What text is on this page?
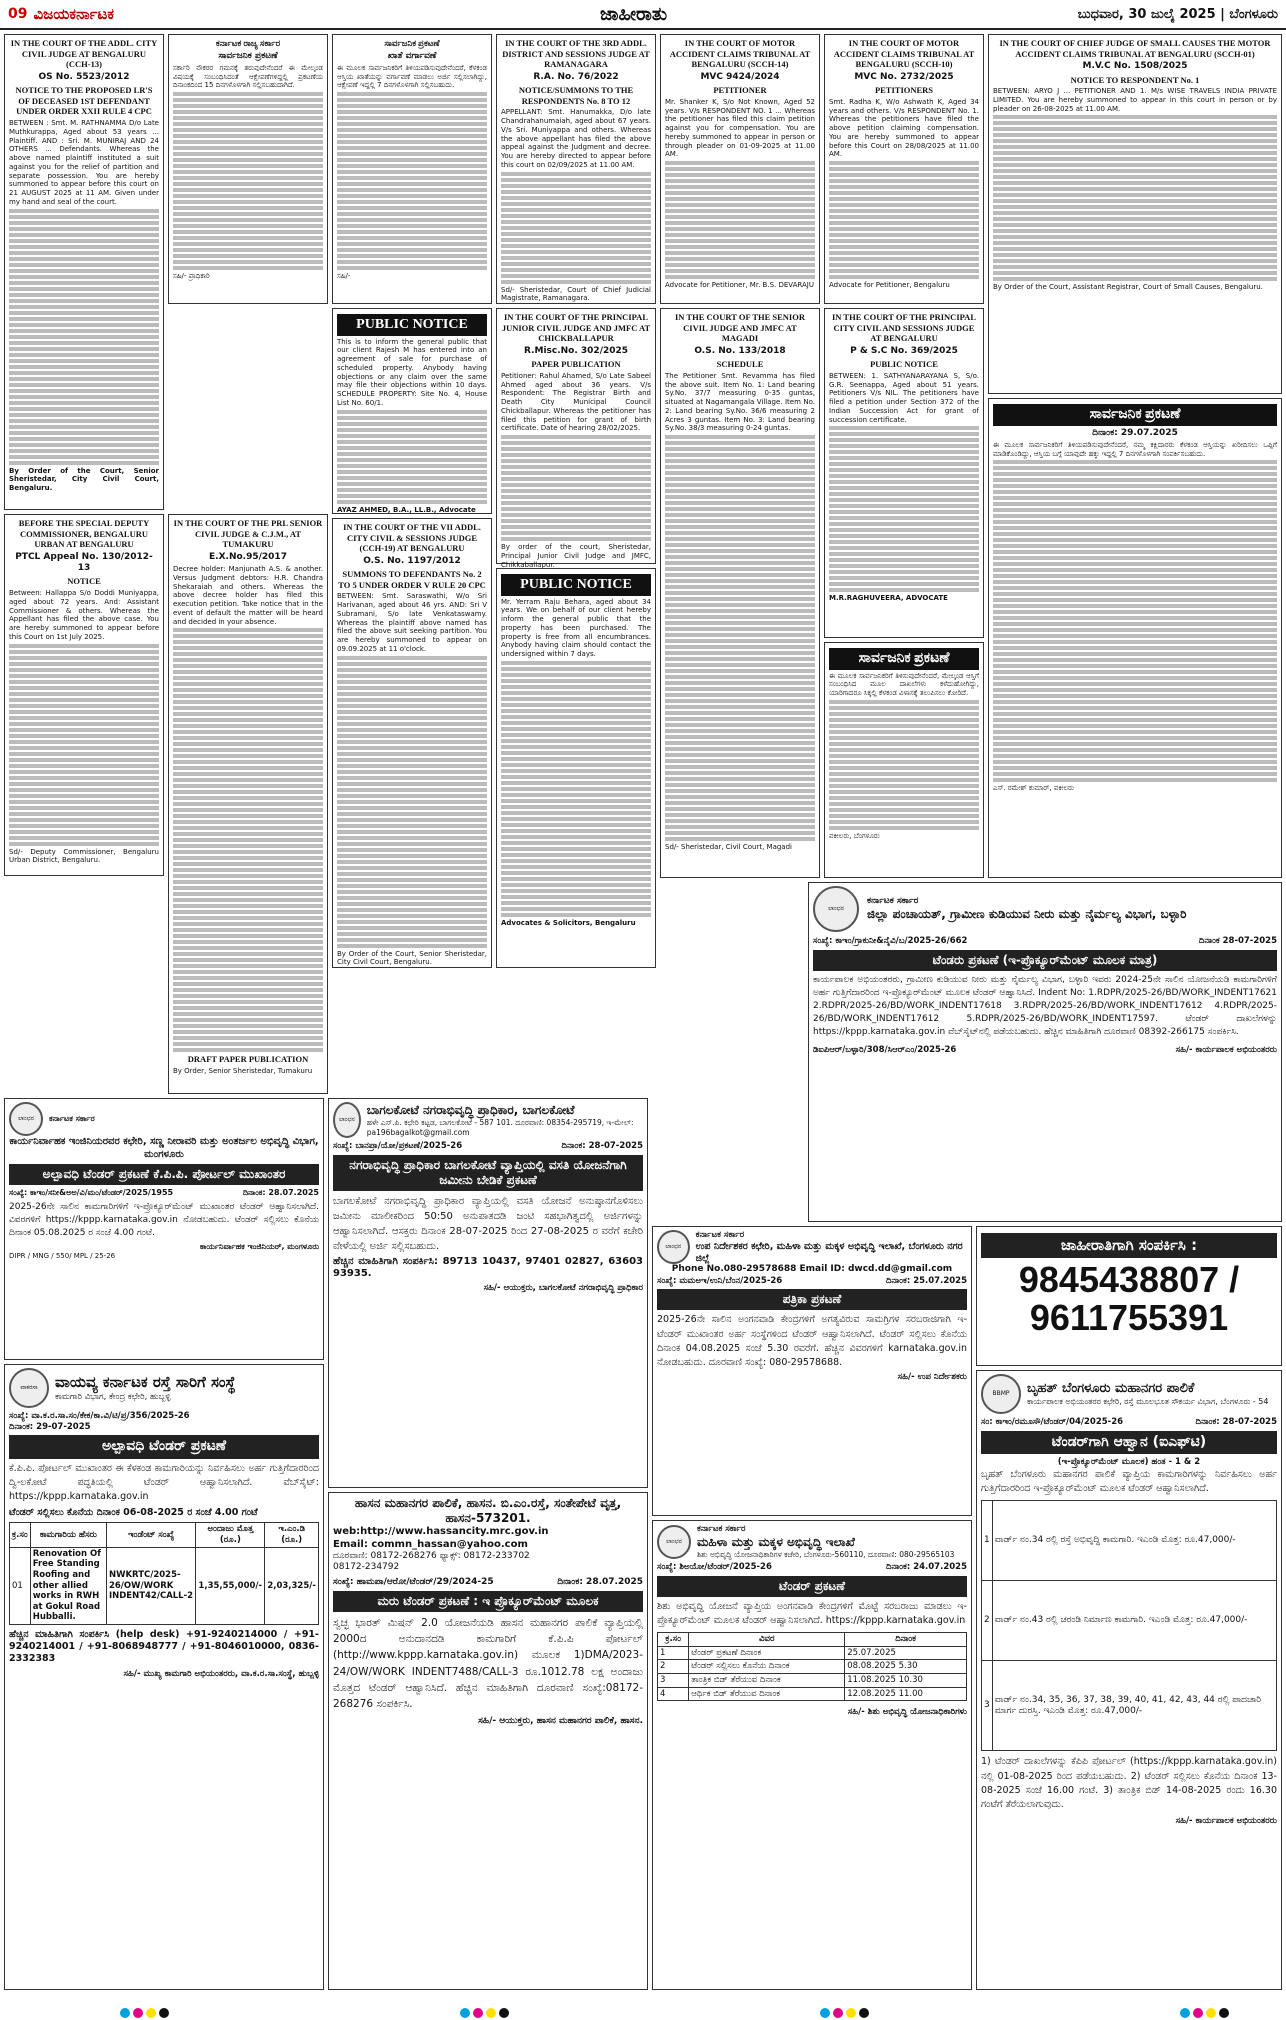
09 ವಿಜಯಕರ್ನಾಟಕ	ಜಾಹೀರಾತು	ಬುಧವಾರ, 30 ಜುಲೈ 2025 | ಬೆಂಗಳೂರು
IN THE COURT OF THE ADDL. CITY CIVIL JUDGE AT BENGALURU (CCH-13)
OS No. 5523/2012
NOTICE TO THE PROPOSED LR'S OF DECEASED 1ST DEFENDANT UNDER ORDER XXII RULE 4 CPC

BETWEEN : Smt. M. RATHNAMMA D/o Late Muthkurappa, Aged about 53 years ... Plaintiff. AND : Sri. M. MUNIRAJ AND 24 OTHERS ... Defendants. Whereas the above named plaintiff instituted a suit against you for the relief of partition and separate possession. You are hereby summoned to appear before this court on 21 AUGUST 2025 at 11 AM. Given under my hand and seal of the court.

By Order of the Court, Senior Sheristedar, City Civil Court, Bengaluru.

ಕರ್ನಾಟಕ ರಾಜ್ಯ ಸರ್ಕಾರ
ಸಾರ್ವಜನಿಕ ಪ್ರಕಟಣೆ

ಸರ್ಕಾರಿ ನೌಕರರ ಗಮನಕ್ಕೆ ತರುವುದೇನೆಂದರೆ ಈ ಮೇಲ್ಕಂಡ ವಿಷಯಕ್ಕೆ ಸಂಬಂಧಿಸಿದಂತೆ ಆಕ್ಷೇಪಣೆಗಳಿದ್ದಲ್ಲಿ ಪ್ರಕಟಣೆಯ ದಿನಾಂಕದಿಂದ 15 ದಿನಗಳೊಳಗಾಗಿ ಸಲ್ಲಿಸಬಹುದಾಗಿದೆ.

ಸಹಿ/- ಪ್ರಾಧಿಕಾರಿ

ಸಾರ್ವಜನಿಕ ಪ್ರಕಟಣೆ
ಖಾತೆ ವರ್ಗಾವಣೆ

ಈ ಮೂಲಕ ಸಾರ್ವಜನಿಕರಿಗೆ ತಿಳಿಯಪಡಿಸುವುದೇನೆಂದರೆ, ಕೆಳಕಂಡ ಆಸ್ತಿಯ ಖಾತೆಯನ್ನು ವರ್ಗಾವಣೆ ಮಾಡಲು ಅರ್ಜಿ ಸಲ್ಲಿಸಲಾಗಿದ್ದು, ಆಕ್ಷೇಪಣೆ ಇದ್ದಲ್ಲಿ 7 ದಿನಗಳೊಳಗಾಗಿ ಸಲ್ಲಿಸಬಹುದು.

ಸಹಿ/-

IN THE COURT OF THE 3RD ADDL. DISTRICT AND SESSIONS JUDGE AT RAMANAGARA
R.A. No. 76/2022
NOTICE/SUMMONS TO THE RESPONDENTS No. 8 TO 12

APPELLANT: Smt. Hanumakka, D/o late Chandrahanumaiah, aged about 67 years. V/s Sri. Muniyappa and others. Whereas the above appellant has filed the above appeal against the Judgment and decree. You are hereby directed to appear before this court on 02/09/2025 at 11.00 AM.

Sd/- Sheristedar, Court of Chief Judicial Magistrate, Ramanagara.

IN THE COURT OF MOTOR ACCIDENT CLAIMS TRIBUNAL AT BENGALURU (SCCH-14)
MVC 9424/2024
PETITIONER

Mr. Shanker K, S/o Not Known, Aged 52 years. V/s RESPONDENT NO. 1 ... Whereas the petitioner has filed this claim petition against you for compensation. You are hereby summoned to appear in person or through pleader on 01-09-2025 at 11.00 AM.

Advocate for Petitioner, Mr. B.S. DEVARAJU

IN THE COURT OF MOTOR ACCIDENT CLAIMS TRIBUNAL AT BENGALURU (SCCH-10)
MVC No. 2732/2025
PETITIONERS

Smt. Radha K, W/o Ashwath K, Aged 34 years and others. V/s RESPONDENT No. 1. Whereas the petitioners have filed the above petition claiming compensation. You are hereby summoned to appear before this Court on 28/08/2025 at 11.00 AM.

Advocate for Petitioner, Bengaluru

IN THE COURT OF CHIEF JUDGE OF SMALL CAUSES THE MOTOR ACCIDENT CLAIMS TRIBUNAL AT BENGALURU (SCCH-01)
M.V.C No. 1508/2025
NOTICE TO RESPONDENT No. 1

BETWEEN: ARYO J ... PETITIONER AND 1. M/s WISE TRAVELS INDIA PRIVATE LIMITED. You are hereby summoned to appear in this court in person or by pleader on 26-08-2025 at 11.00 AM.

By Order of the Court, Assistant Registrar, Court of Small Causes, Bengaluru.

PUBLIC NOTICE

This is to inform the general public that our client Rajesh M has entered into an agreement of sale for purchase of scheduled property. Anybody having objections or any claim over the same may file their objections within 10 days. SCHEDULE PROPERTY: Site No. 4, House List No. 60/1.

AYAZ AHMED, B.A., LL.B., Advocate

IN THE COURT OF THE PRINCIPAL JUNIOR CIVIL JUDGE AND JMFC AT CHICKBALLAPUR
R.Misc.No. 302/2025
PAPER PUBLICATION

Petitioner: Rahul Ahamed, S/o Late Sabeel Ahmed aged about 36 years. V/s Respondent: The Registrar Birth and Death City Municipal Council Chickballapur. Whereas the petitioner has filed this petition for grant of birth certificate. Date of hearing 28/02/2025.

By order of the court, Sheristedar, Principal Junior Civil Judge and JMFC, Chikkaballapur.

IN THE COURT OF THE SENIOR CIVIL JUDGE AND JMFC AT MAGADI
O.S. No. 133/2018
SCHEDULE

The Petitioner Smt. Revamma has filed the above suit. Item No. 1: Land bearing Sy.No. 37/7 measuring 0-35 guntas, situated at Nagamangala Village. Item No. 2: Land bearing Sy.No. 36/6 measuring 2 Acres 3 guntas. Item No. 3: Land bearing Sy.No. 38/3 measuring 0-24 guntas.

Sd/- Sheristedar, Civil Court, Magadi

IN THE COURT OF THE PRINCIPAL CITY CIVIL AND SESSIONS JUDGE AT BENGALURU
P & S.C No. 369/2025
PUBLIC NOTICE

BETWEEN: 1. SATHYANARAYANA S, S/o. G.R. Seenappa, Aged about 51 years. Petitioners V/s NIL. The petitioners have filed a petition under Section 372 of the Indian Succession Act for grant of succession certificate.

M.R.RAGHUVEERA, ADVOCATE

ಸಾರ್ವಜನಿಕ ಪ್ರಕಟಣೆ
ದಿನಾಂಕ: 29.07.2025

ಈ ಮೂಲಕ ಸಾರ್ವಜನಿಕರಿಗೆ ತಿಳಿಯಪಡಿಸುವುದೇನೆಂದರೆ, ನಮ್ಮ ಕಕ್ಷಿದಾರರು ಕೆಳಕಂಡ ಆಸ್ತಿಯನ್ನು ಖರೀದಿಸಲು ಒಪ್ಪಿಗೆ ಮಾಡಿಕೊಂಡಿದ್ದು, ಆಸ್ತಿಯ ಬಗ್ಗೆ ಯಾವುದೇ ಹಕ್ಕು ಇದ್ದಲ್ಲಿ 7 ದಿನಗಳೊಳಗಾಗಿ ಸಂಪರ್ಕಿಸಬಹುದು.

ಎಸ್. ರಮೇಶ್ ಕುಮಾರ್, ವಕೀಲರು

BEFORE THE SPECIAL DEPUTY COMMISSIONER, BENGALURU URBAN AT BENGALURU
PTCL Appeal No. 130/2012-13
NOTICE

Between: Hallappa S/o Doddi Muniyappa, aged about 72 years. And: Assistant Commissioner & others. Whereas the Appellant has filed the above case. You are hereby summoned to appear before this Court on 1st July 2025.

Sd/- Deputy Commissioner, Bengaluru Urban District, Bengaluru.

IN THE COURT OF THE PRL SENIOR CIVIL JUDGE & C.J.M., AT TUMAKURU
E.X.No.95/2017

Decree holder: Manjunath A.S. & another. Versus Judgment debtors: H.R. Chandra Shekaraiah and others. Whereas the above decree holder has filed this execution petition. Take notice that in the event of default the matter will be heard and decided in your absence.

DRAFT PAPER PUBLICATION

By Order, Senior Sheristedar, Tumakuru

IN THE COURT OF THE VII ADDL. CITY CIVIL & SESSIONS JUDGE (CCH-19) AT BENGALURU
O.S. No. 1197/2012
SUMMONS TO DEFENDANTS No. 2 TO 5 UNDER ORDER V RULE 20 CPC

BETWEEN: Smt. Saraswathi, W/o Sri Harivanan, aged about 46 yrs. AND: Sri V Subramani, S/o late Venkataswamy. Whereas the plaintiff above named has filed the above suit seeking partition. You are hereby summoned to appear on 09.09.2025 at 11 o'clock.

By Order of the Court, Senior Sheristedar, City Civil Court, Bengaluru.

PUBLIC NOTICE

Mr. Yerram Raju Behara, aged about 34 years. We on behalf of our client hereby inform the general public that the property has been purchased. The property is free from all encumbrances. Anybody having claim should contact the undersigned within 7 days.

Advocates & Solicitors, Bengaluru

ಸಾರ್ವಜನಿಕ ಪ್ರಕಟಣೆ

ಈ ಮೂಲಕ ಸಾರ್ವಜನಿಕರಿಗೆ ತಿಳಿಸುವುದೇನೆಂದರೆ, ಮೇಲ್ಕಂಡ ಆಸ್ತಿಗೆ ಸಂಬಂಧಿಸಿದ ಮೂಲ ದಾಖಲೆಗಳು ಕಳೆದುಹೋಗಿದ್ದು, ಯಾರಿಗಾದರೂ ಸಿಕ್ಕಲ್ಲಿ ಕೆಳಕಂಡ ವಿಳಾಸಕ್ಕೆ ತಲುಪಿಸಲು ಕೋರಿದೆ.

ವಕೀಲರು, ಬೆಂಗಳೂರು

ಲಾಂಛನ
ಕರ್ನಾಟಕ ಸರ್ಕಾರ
ಜಿಲ್ಲಾ ಪಂಚಾಯತ್, ಗ್ರಾಮೀಣ ಕುಡಿಯುವ ನೀರು ಮತ್ತು ನೈರ್ಮಲ್ಯ ವಿಭಾಗ, ಬಳ್ಳಾರಿ
ಸಂಖ್ಯೆ: ಕಾಇಂ/ಗ್ರಾಕುನೀ&ನೈವಿ/ಬ/2025-26/662	ದಿನಾಂಕ 28-07-2025
ಟೆಂಡರು ಪ್ರಕಟಣೆ (ಇ-ಪ್ರೊಕ್ಯೂರ್‌ಮೆಂಟ್ ಮೂಲಕ ಮಾತ್ರ)

ಕಾರ್ಯಪಾಲಕ ಅಭಿಯಂತರರು, ಗ್ರಾಮೀಣ ಕುಡಿಯುವ ನೀರು ಮತ್ತು ನೈರ್ಮಲ್ಯ ವಿಭಾಗ, ಬಳ್ಳಾರಿ ಇವರು 2024-25ನೇ ಸಾಲಿನ ಯೋಜನೆಯಡಿ ಕಾಮಗಾರಿಗಳಿಗೆ ಅರ್ಹ ಗುತ್ತಿಗೆದಾರರಿಂದ ಇ-ಪ್ರೊಕ್ಯೂರ್‌ಮೆಂಟ್ ಮೂಲಕ ಟೆಂಡರ್ ಆಹ್ವಾನಿಸಿದೆ. Indent No: 1.RDPR/2025-26/BD/WORK_INDENT17621 2.RDPR/2025-26/BD/WORK_INDENT17618 3.RDPR/2025-26/BD/WORK_INDENT17612 4.RDPR/2025-26/BD/WORK_INDENT17612 5.RDPR/2025-26/BD/WORK_INDENT17597. ಟೆಂಡರ್ ದಾಖಲೆಗಳನ್ನು https://kppp.karnataka.gov.in ವೆಬ್‌ಸೈಟ್‌ನಲ್ಲಿ ಪಡೆಯಬಹುದು. ಹೆಚ್ಚಿನ ಮಾಹಿತಿಗಾಗಿ ದೂರವಾಣಿ 08392-266175 ಸಂಪರ್ಕಿಸಿ.

ಡಿಐಪಿಆರ್/ಬಳ್ಳಾರಿ/308/ಸಿಆರ್‌ಎಂ/2025-26	ಸಹಿ/- ಕಾರ್ಯಪಾಲಕ ಅಭಿಯಂತರರು
ಲಾಂಛನ	ಕರ್ನಾಟಕ ಸರ್ಕಾರ
ಕಾರ್ಯನಿರ್ವಾಹಕ ಇಂಜಿನಿಯರವರ ಕಛೇರಿ, ಸಣ್ಣ ನೀರಾವರಿ ಮತ್ತು ಅಂತರ್ಜಲ ಅಭಿವೃದ್ಧಿ ವಿಭಾಗ, ಮಂಗಳೂರು
ಅಲ್ಪಾವಧಿ ಟೆಂಡರ್ ಪ್ರಕಟಣೆ ಕೆ.ಪಿ.ಪಿ. ಪೋರ್ಟಲ್ ಮುಖಾಂತರ
ಸಂಖ್ಯೆ: ಕಾಇಂ/ಸನೀ&ಅಅ/ವಿ/ಮಂ/ಟೆಂಡರ್/2025/1955	ದಿನಾಂಕ: 28.07.2025

2025-26ನೇ ಸಾಲಿನ ಕಾಮಗಾರಿಗಳಿಗೆ ಇ-ಪ್ರೊಕ್ಯೂರ್‌ಮೆಂಟ್ ಮುಖಾಂತರ ಟೆಂಡರ್ ಆಹ್ವಾನಿಸಲಾಗಿದೆ. ವಿವರಗಳಿಗೆ https://kppp.karnataka.gov.in ನೋಡಬಹುದು. ಟೆಂಡರ್ ಸಲ್ಲಿಸಲು ಕೊನೆಯ ದಿನಾಂಕ 05.08.2025 ರ ಸಂಜೆ 4.00 ಗಂಟೆ.

ಕಾರ್ಯನಿರ್ವಾಹಕ ಇಂಜಿನಿಯರ್, ಮಂಗಳೂರು
DIPR / MNG / 550/ MPL / 25-26
ಲಾಂಛನ
ಬಾಗಲಕೋಟೆ ನಗರಾಭಿವೃದ್ಧಿ ಪ್ರಾಧಿಕಾರ, ಬಾಗಲಕೋಟೆ
ಹಳೇ ಎಸ್.ಪಿ. ಕಛೇರಿ ಕಟ್ಟಡ, ಬಾಗಲಕೋಟೆ - 587 101. ದೂರವಾಣಿ: 08354-295719, ಇ-ಮೇಲ್: pa196bagalkot@gmail.com
ಸಂಖ್ಯೆ: ಬಾನಪ್ರಾ/ಯೋ/ಪ್ರಕಟಣೆ/2025-26	ದಿನಾಂಕ: 28-07-2025
ನಗರಾಭಿವೃದ್ಧಿ ಪ್ರಾಧಿಕಾರ ಬಾಗಲಕೋಟೆ ವ್ಯಾಪ್ತಿಯಲ್ಲಿ ವಸತಿ ಯೋಜನೆಗಾಗಿ ಜಮೀನು ಬೇಡಿಕೆ ಪ್ರಕಟಣೆ

ಬಾಗಲಕೋಟೆ ನಗರಾಭಿವೃದ್ಧಿ ಪ್ರಾಧಿಕಾರ ವ್ಯಾಪ್ತಿಯಲ್ಲಿ ವಸತಿ ಯೋಜನೆ ಅನುಷ್ಠಾನಗೊಳಿಸಲು ಜಮೀನು ಮಾಲೀಕರಿಂದ 50:50 ಅನುಪಾತದಡಿ ಜಂಟಿ ಸಹಭಾಗಿತ್ವದಲ್ಲಿ ಅರ್ಜಿಗಳನ್ನು ಆಹ್ವಾನಿಸಲಾಗಿದೆ. ಆಸಕ್ತರು ದಿನಾಂಕ 28-07-2025 ರಿಂದ 27-08-2025 ರ ವರೆಗೆ ಕಚೇರಿ ವೇಳೆಯಲ್ಲಿ ಅರ್ಜಿ ಸಲ್ಲಿಸಬಹುದು.

ಹೆಚ್ಚಿನ ಮಾಹಿತಿಗಾಗಿ ಸಂಪರ್ಕಿಸಿ: 89713 10437, 97401 02827, 63603 93935.

ಸಹಿ/- ಆಯುಕ್ತರು, ಬಾಗಲಕೋಟೆ ನಗರಾಭಿವೃದ್ಧಿ ಪ್ರಾಧಿಕಾರ
ಲಾಂಛನ
ಕರ್ನಾಟಕ ಸರ್ಕಾರ
ಉಪ ನಿರ್ದೇಶಕರ ಕಛೇರಿ, ಮಹಿಳಾ ಮತ್ತು ಮಕ್ಕಳ ಅಭಿವೃದ್ಧಿ ಇಲಾಖೆ, ಬೆಂಗಳೂರು ನಗರ ಜಿಲ್ಲೆ
Phone No.080-29578688 Email ID: dwcd.dd@gmail.com
ಸಂಖ್ಯೆ: ಮಮಅಇ/ಉನಿ/ಬೆಂನ/2025-26	ದಿನಾಂಕ: 25.07.2025
ಪತ್ರಿಕಾ ಪ್ರಕಟಣೆ

2025-26ನೇ ಸಾಲಿನ ಅಂಗನವಾಡಿ ಕೇಂದ್ರಗಳಿಗೆ ಅಗತ್ಯವಿರುವ ಸಾಮಗ್ರಿಗಳ ಸರಬರಾಜಿಗಾಗಿ ಇ-ಟೆಂಡರ್ ಮುಖಾಂತರ ಅರ್ಹ ಸಂಸ್ಥೆಗಳಿಂದ ಟೆಂಡರ್ ಆಹ್ವಾನಿಸಲಾಗಿದೆ. ಟೆಂಡರ್ ಸಲ್ಲಿಸಲು ಕೊನೆಯ ದಿನಾಂಕ 04.08.2025 ಸಂಜೆ 5.30 ರವರೆಗೆ. ಹೆಚ್ಚಿನ ವಿವರಗಳಿಗೆ karnataka.gov.in ನೋಡಬಹುದು. ದೂರವಾಣಿ ಸಂಖ್ಯೆ: 080-29578688.

ಸಹಿ/- ಉಪ ನಿರ್ದೇಶಕರು
ಜಾಹೀರಾತಿಗಾಗಿ ಸಂಪರ್ಕಿಸಿ :
9845438807 /
9611755391
ವಾಕರಸಾ	ವಾಯವ್ಯ ಕರ್ನಾಟಕ ರಸ್ತೆ ಸಾರಿಗೆ ಸಂಸ್ಥೆ
ಕಾಮಗಾರಿ ವಿಭಾಗ, ಕೇಂದ್ರ ಕಛೇರಿ, ಹುಬ್ಬಳ್ಳಿ
ಸಂಖ್ಯೆ: ವಾ.ಕ.ರ.ಸಾ.ಸಂ/ಕೇಕ/ಕಾ.ವಿ/ಟಿ/ಪ್ರ/356/2025-26
ದಿನಾಂಕ: 29-07-2025
ಅಲ್ಪಾವಧಿ ಟೆಂಡರ್ ಪ್ರಕಟಣೆ

ಕೆ.ಪಿ.ಪಿ. ಪೋರ್ಟಲ್ ಮುಖಾಂತರ ಈ ಕೆಳಕಂಡ ಕಾಮಗಾರಿಯನ್ನು ನಿರ್ವಹಿಸಲು ಅರ್ಹ ಗುತ್ತಿಗೆದಾರರಿಂದ ದ್ವಿ-ಲಕೋಟೆ ಪದ್ಧತಿಯಲ್ಲಿ ಟೆಂಡರ್ ಆಹ್ವಾನಿಸಲಾಗಿದೆ. ವೆಬ್‌ಸೈಟ್: https://kppp.karnataka.gov.in

ಟೆಂಡರ್ ಸಲ್ಲಿಸಲು ಕೊನೆಯ ದಿನಾಂಕ 06-08-2025 ರ ಸಂಜೆ 4.00 ಗಂಟೆ

ಕ್ರ.ಸಂ	ಕಾಮಗಾರಿಯ ಹೆಸರು	ಇಂಡೆಂಟ್ ಸಂಖ್ಯೆ	ಅಂದಾಜು ಮೊತ್ತ (ರೂ.)	ಇ.ಎಂ.ಡಿ (ರೂ.)
01	Renovation Of Free Standing Roofing and other allied works in RWH at Gokul Road Hubballi.	NWKRTC/2025-26/OW/WORK INDENT42/CALL-2	1,35,55,000/-	2,03,325/-

ಹೆಚ್ಚಿನ ಮಾಹಿತಿಗಾಗಿ ಸಂಪರ್ಕಿಸಿ (help desk) +91-9240214000 / +91-9240214001 / +91-8068948777 / +91-8046010000, 0836-2332383

ಸಹಿ/- ಮುಖ್ಯ ಕಾಮಗಾರಿ ಅಭಿಯಂತರರು, ವಾ.ಕ.ರ.ಸಾ.ಸಂಸ್ಥೆ, ಹುಬ್ಬಳ್ಳಿ
ಹಾಸನ ಮಹಾನಗರ ಪಾಲಿಕೆ, ಹಾಸನ. ಬಿ.ಎಂ.ರಸ್ತೆ, ಸಂತೇಪೇಟೆ ವೃತ್ತ, ಹಾಸನ-573201.
web:http://www.hassancity.mrc.gov.in
Email: commn_hassan@yahoo.com
ದೂರವಾಣಿ: 08172-268276 ಫ್ಯಾಕ್ಸ್: 08172-233702
08172-234792
ಸಂಖ್ಯೆ: ಹಾಮಪಾ/ಆರೋ/ಟೆಂಡರ್/29/2024-25	ದಿನಾಂಕ: 28.07.2025
ಮರು ಟೆಂಡರ್ ಪ್ರಕಟಣೆ : ಇ ಪ್ರೊಕ್ಯೂರ್‌ಮೆಂಟ್ ಮೂಲಕ

ಸ್ವಚ್ಛ ಭಾರತ್ ಮಿಷನ್ 2.0 ಯೋಜನೆಯಡಿ ಹಾಸನ ಮಹಾನಗರ ಪಾಲಿಕೆ ವ್ಯಾಪ್ತಿಯಲ್ಲಿ 2000ದ ಅನುದಾನದಡಿ ಕಾಮಗಾರಿಗೆ ಕೆ.ಪಿ.ಪಿ ಪೋರ್ಟಲ್ (http://www.kppp.karnataka.gov.in) ಮೂಲಕ 1)DMA/2023-24/OW/WORK INDENT7488/CALL-3 ರೂ.1012.78 ಲಕ್ಷ ಅಂದಾಜು ಮೊತ್ತದ ಟೆಂಡರ್ ಆಹ್ವಾನಿಸಿದೆ. ಹೆಚ್ಚಿನ ಮಾಹಿತಿಗಾಗಿ ದೂರವಾಣಿ ಸಂಖ್ಯೆ:08172-268276 ಸಂಪರ್ಕಿಸಿ.

ಸಹಿ/- ಆಯುಕ್ತರು, ಹಾಸನ ಮಹಾನಗರ ಪಾಲಿಕೆ, ಹಾಸನ.
ಲಾಂಛನ
ಕರ್ನಾಟಕ ಸರ್ಕಾರ
ಮಹಿಳಾ ಮತ್ತು ಮಕ್ಕಳ ಅಭಿವೃದ್ಧಿ ಇಲಾಖೆ
ಶಿಶು ಅಭಿವೃದ್ಧಿ ಯೋಜನಾಧಿಕಾರಿಗಳ ಕಚೇರಿ, ಬೆಂಗಳೂರು-560110, ದೂರವಾಣಿ: 080-29565103
ಸಂಖ್ಯೆ: ಶಿಅಯೋ/ಟೆಂಡರ್/2025-26	ದಿನಾಂಕ: 24.07.2025
ಟೆಂಡರ್ ಪ್ರಕಟಣೆ

ಶಿಶು ಅಭಿವೃದ್ಧಿ ಯೋಜನೆ ವ್ಯಾಪ್ತಿಯ ಅಂಗನವಾಡಿ ಕೇಂದ್ರಗಳಿಗೆ ಮೊಟ್ಟೆ ಸರಬರಾಜು ಮಾಡಲು ಇ-ಪ್ರೊಕ್ಯೂರ್‌ಮೆಂಟ್ ಮೂಲಕ ಟೆಂಡರ್ ಆಹ್ವಾನಿಸಲಾಗಿದೆ. https://kppp.karnataka.gov.in

ಕ್ರ.ಸಂ	ವಿವರ	ದಿನಾಂಕ
1	ಟೆಂಡರ್ ಪ್ರಕಟಣೆ ದಿನಾಂಕ	25.07.2025
2	ಟೆಂಡರ್ ಸಲ್ಲಿಸಲು ಕೊನೆಯ ದಿನಾಂಕ	08.08.2025 5.30
3	ತಾಂತ್ರಿಕ ಬಿಡ್ ತೆರೆಯುವ ದಿನಾಂಕ	11.08.2025 10.30
4	ಆರ್ಥಿಕ ಬಿಡ್ ತೆರೆಯುವ ದಿನಾಂಕ	12.08.2025 11.00
ಸಹಿ/- ಶಿಶು ಅಭಿವೃದ್ಧಿ ಯೋಜನಾಧಿಕಾರಿಗಳು
BBMP	ಬೃಹತ್ ಬೆಂಗಳೂರು ಮಹಾನಗರ ಪಾಲಿಕೆ
ಕಾರ್ಯಪಾಲಕ ಅಭಿಯಂತರರ ಕಛೇರಿ, ರಸ್ತೆ ಮೂಲಭೂತ ಸೌಕರ್ಯ ವಿಭಾಗ, ಬೆಂಗಳೂರು - 54
ಸಂ: ಕಾಇಂ/ರಮೂಸೌ/ಟೆಂಡರ್/04/2025-26	ದಿನಾಂಕ: 28-07-2025
ಟೆಂಡರ್‌ಗಾಗಿ ಆಹ್ವಾನ (ಐಎಫ್‌ಟಿ)
(ಇ-ಪ್ರೊಕ್ಯೂರ್‌ಮೆಂಟ್ ಮೂಲಕ) ಹಂತ - 1 & 2

ಬೃಹತ್ ಬೆಂಗಳೂರು ಮಹಾನಗರ ಪಾಲಿಕೆ ವ್ಯಾಪ್ತಿಯ ಕಾಮಗಾರಿಗಳನ್ನು ನಿರ್ವಹಿಸಲು ಅರ್ಹ ಗುತ್ತಿಗೆದಾರರಿಂದ ಇ-ಪ್ರೊಕ್ಯೂರ್‌ಮೆಂಟ್ ಮೂಲಕ ಟೆಂಡರ್ ಆಹ್ವಾನಿಸಲಾಗಿದೆ.

1	ವಾರ್ಡ್ ನಂ.34 ರಲ್ಲಿ ರಸ್ತೆ ಅಭಿವೃದ್ಧಿ ಕಾಮಗಾರಿ. ಇಎಂಡಿ ಮೊತ್ತ: ರೂ.47,000/-
2	ವಾರ್ಡ್ ನಂ.43 ರಲ್ಲಿ ಚರಂಡಿ ನಿರ್ಮಾಣ ಕಾಮಗಾರಿ. ಇಎಂಡಿ ಮೊತ್ತ: ರೂ.47,000/-
3	ವಾರ್ಡ್ ನಂ.34, 35, 36, 37, 38, 39, 40, 41, 42, 43, 44 ರಲ್ಲಿ ಪಾದಚಾರಿ ಮಾರ್ಗ ದುರಸ್ತಿ. ಇಎಂಡಿ ಮೊತ್ತ: ರೂ.47,000/-

1) ಟೆಂಡರ್ ದಾಖಲೆಗಳನ್ನು ಕೆಪಿಪಿ ಪೋರ್ಟಲ್ (https://kppp.karnataka.gov.in) ನಲ್ಲಿ 01-08-2025 ರಿಂದ ಪಡೆಯಬಹುದು. 2) ಟೆಂಡರ್ ಸಲ್ಲಿಸಲು ಕೊನೆಯ ದಿನಾಂಕ 13-08-2025 ಸಂಜೆ 16.00 ಗಂಟೆ. 3) ತಾಂತ್ರಿಕ ಬಿಡ್ 14-08-2025 ರಂದು 16.30 ಗಂಟೆಗೆ ತೆರೆಯಲಾಗುವುದು.

ಸಹಿ/- ಕಾರ್ಯಪಾಲಕ ಅಭಿಯಂತರರು
